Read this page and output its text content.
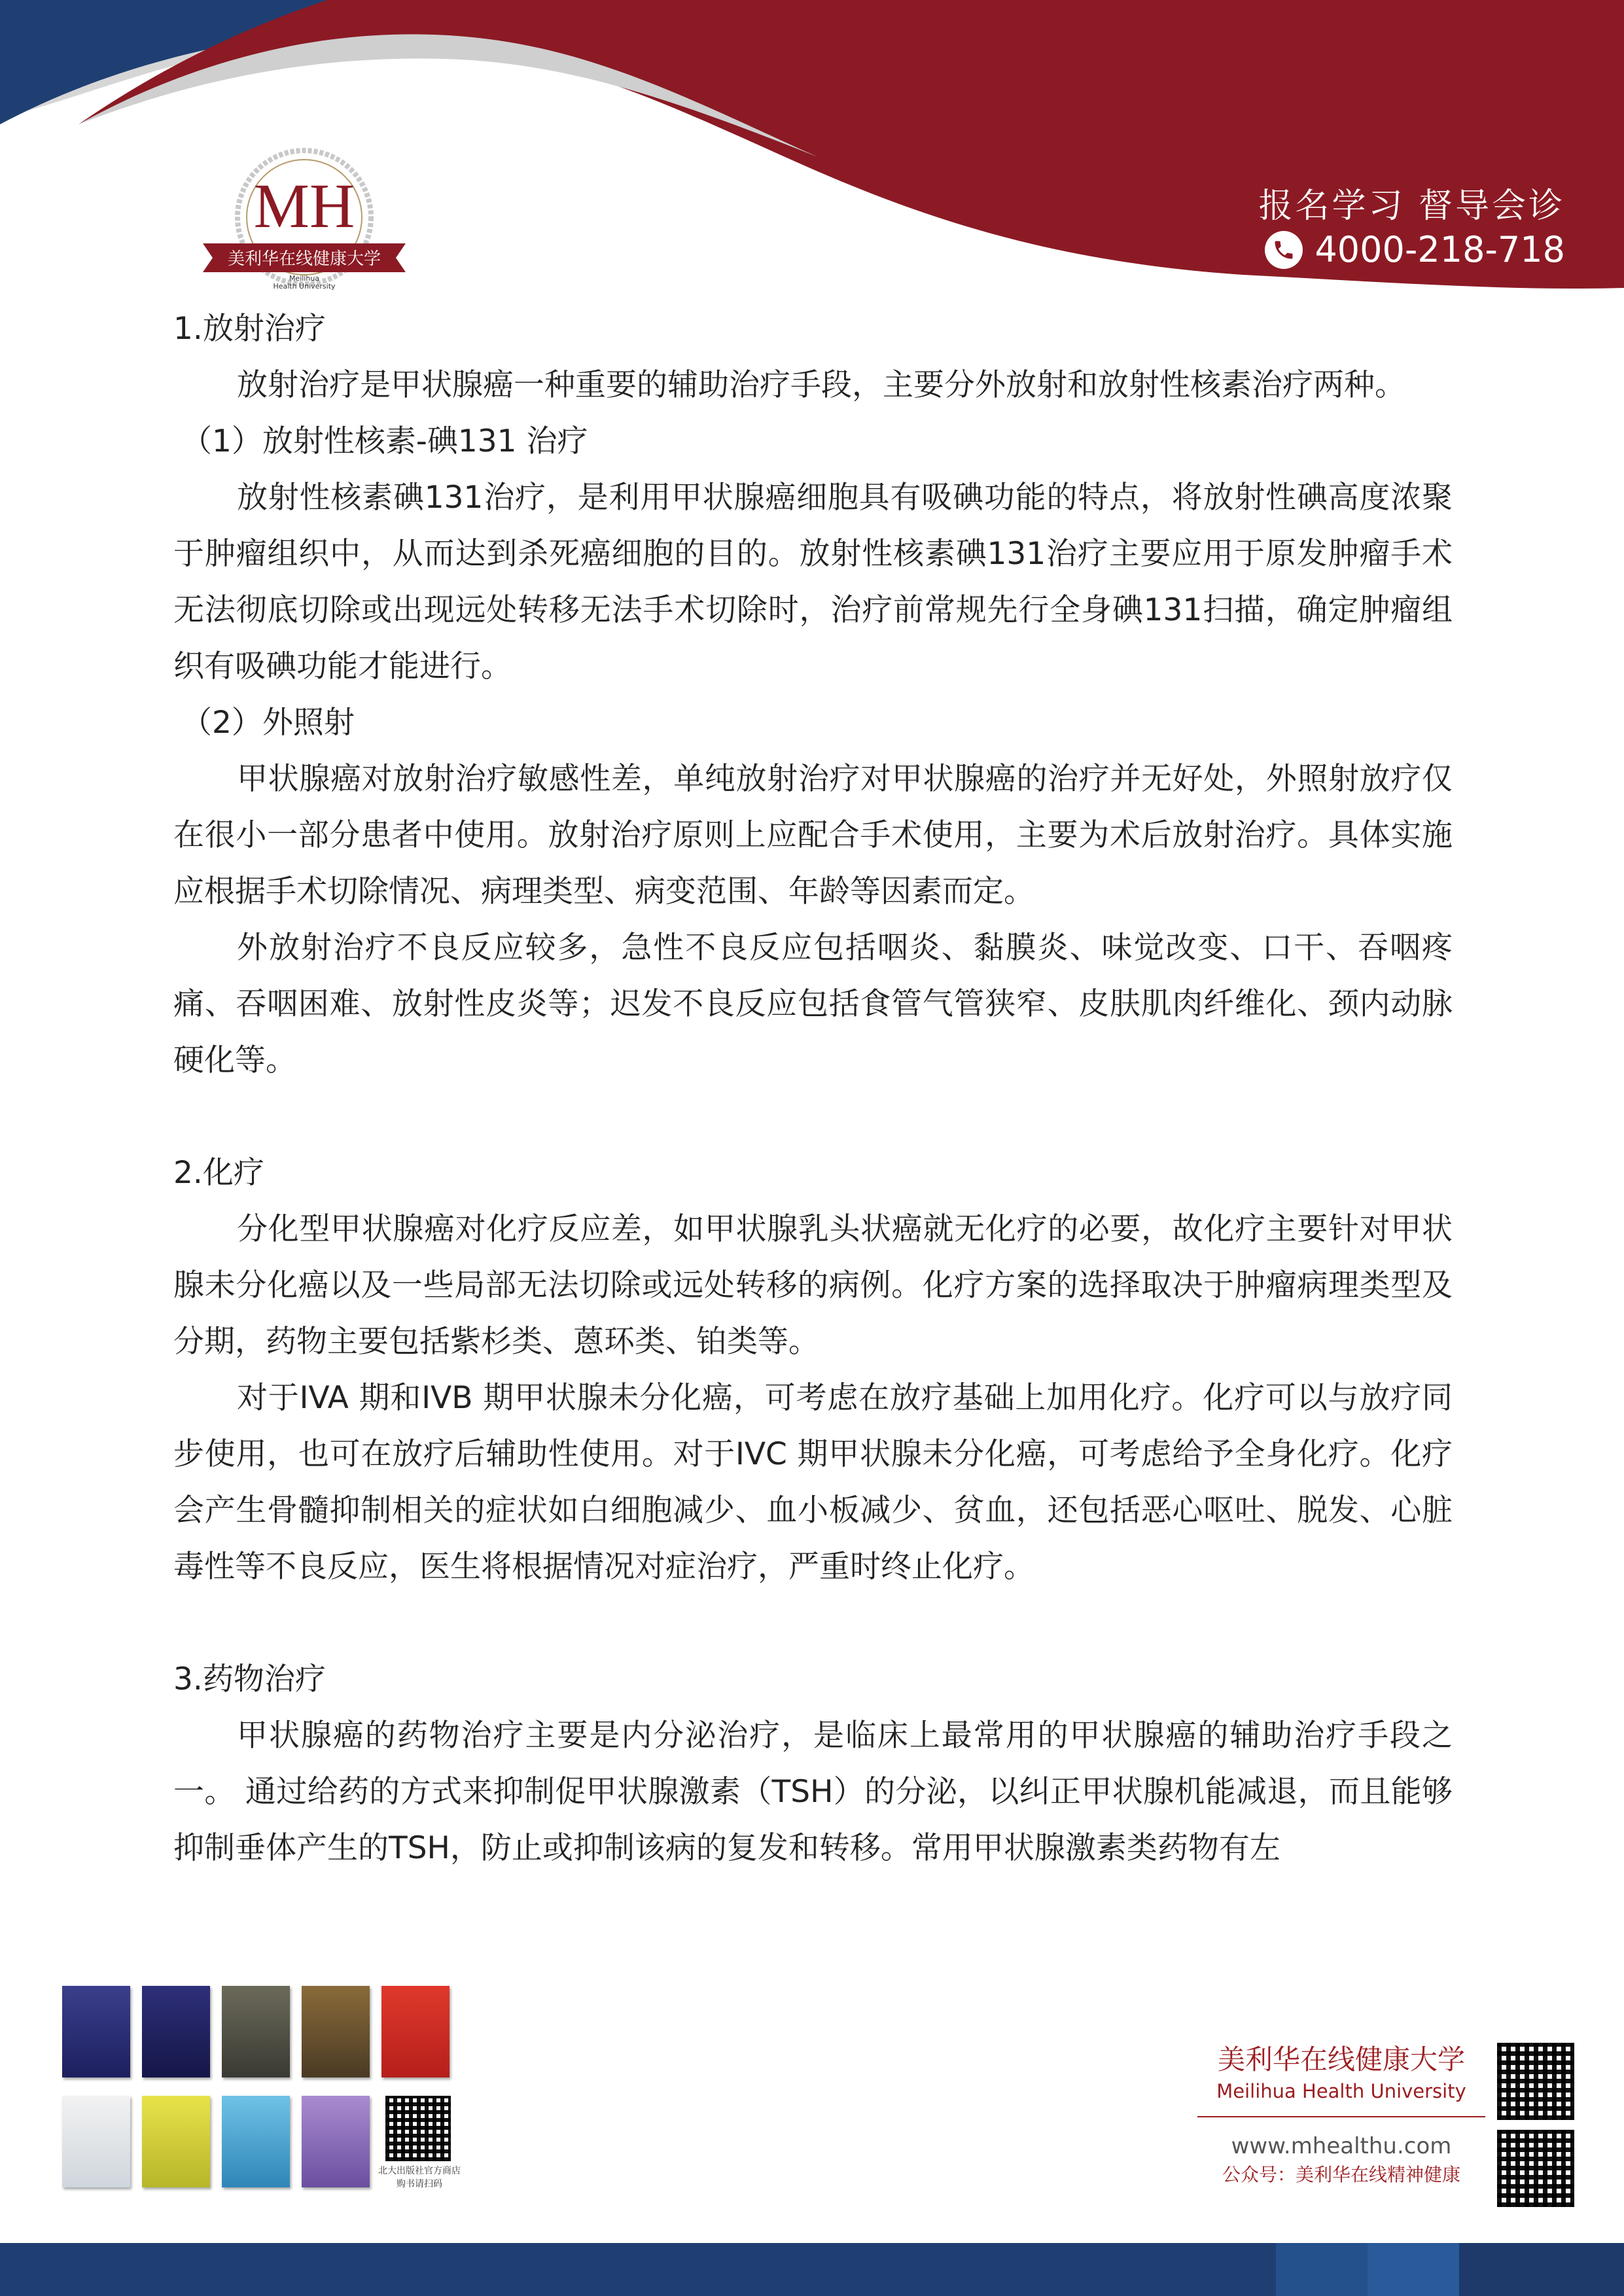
MH
美利华在线健康大学
Meilihua
Health University
报名学习 督导会诊
4000-218-718

1.放射治疗

放射治疗是甲状腺癌一种重要的辅助治疗手段，主要分外放射和放射性核素治疗两种。

（1）放射性核素-碘131 治疗

放射性核素碘131治疗，是利用甲状腺癌细胞具有吸碘功能的特点，将放射性碘高度浓聚于肿瘤组织中，从而达到杀死癌细胞的目的。放射性核素碘131治疗主要应用于原发肿瘤手术无法彻底切除或出现远处转移无法手术切除时，治疗前常规先行全身碘131扫描，确定肿瘤组织有吸碘功能才能进行。

（2）外照射

甲状腺癌对放射治疗敏感性差，单纯放射治疗对甲状腺癌的治疗并无好处，外照射放疗仅在很小一部分患者中使用。放射治疗原则上应配合手术使用，主要为术后放射治疗。具体实施应根据手术切除情况、病理类型、病变范围、年龄等因素而定。

外放射治疗不良反应较多，急性不良反应包括咽炎、黏膜炎、味觉改变、口干、吞咽疼痛、吞咽困难、放射性皮炎等；迟发不良反应包括食管气管狭窄、皮肤肌肉纤维化、颈内动脉硬化等。

2.化疗

分化型甲状腺癌对化疗反应差，如甲状腺乳头状癌就无化疗的必要，故化疗主要针对甲状腺未分化癌以及一些局部无法切除或远处转移的病例。化疗方案的选择取决于肿瘤病理类型及分期，药物主要包括紫杉类、蒽环类、铂类等。

对于IVA 期和IVB 期甲状腺未分化癌，可考虑在放疗基础上加用化疗。化疗可以与放疗同步使用，也可在放疗后辅助性使用。对于IVC 期甲状腺未分化癌，可考虑给予全身化疗。化疗会产生骨髓抑制相关的症状如白细胞减少、血小板减少、贫血，还包括恶心呕吐、脱发、心脏毒性等不良反应，医生将根据情况对症治疗，严重时终止化疗。

3.药物治疗

甲状腺癌的药物治疗主要是内分泌治疗，是临床上最常用的甲状腺癌的辅助治疗手段之一。 通过给药的方式来抑制促甲状腺激素（TSH）的分泌，以纠正甲状腺机能减退，而且能够抑制垂体产生的TSH，防止或抑制该病的复发和转移。常用甲状腺激素类药物有左

北大出版社官方商店
购书请扫码
美利华在线健康大学
Meilihua Health University
www.mhealthu.com
公众号：美利华在线精神健康
